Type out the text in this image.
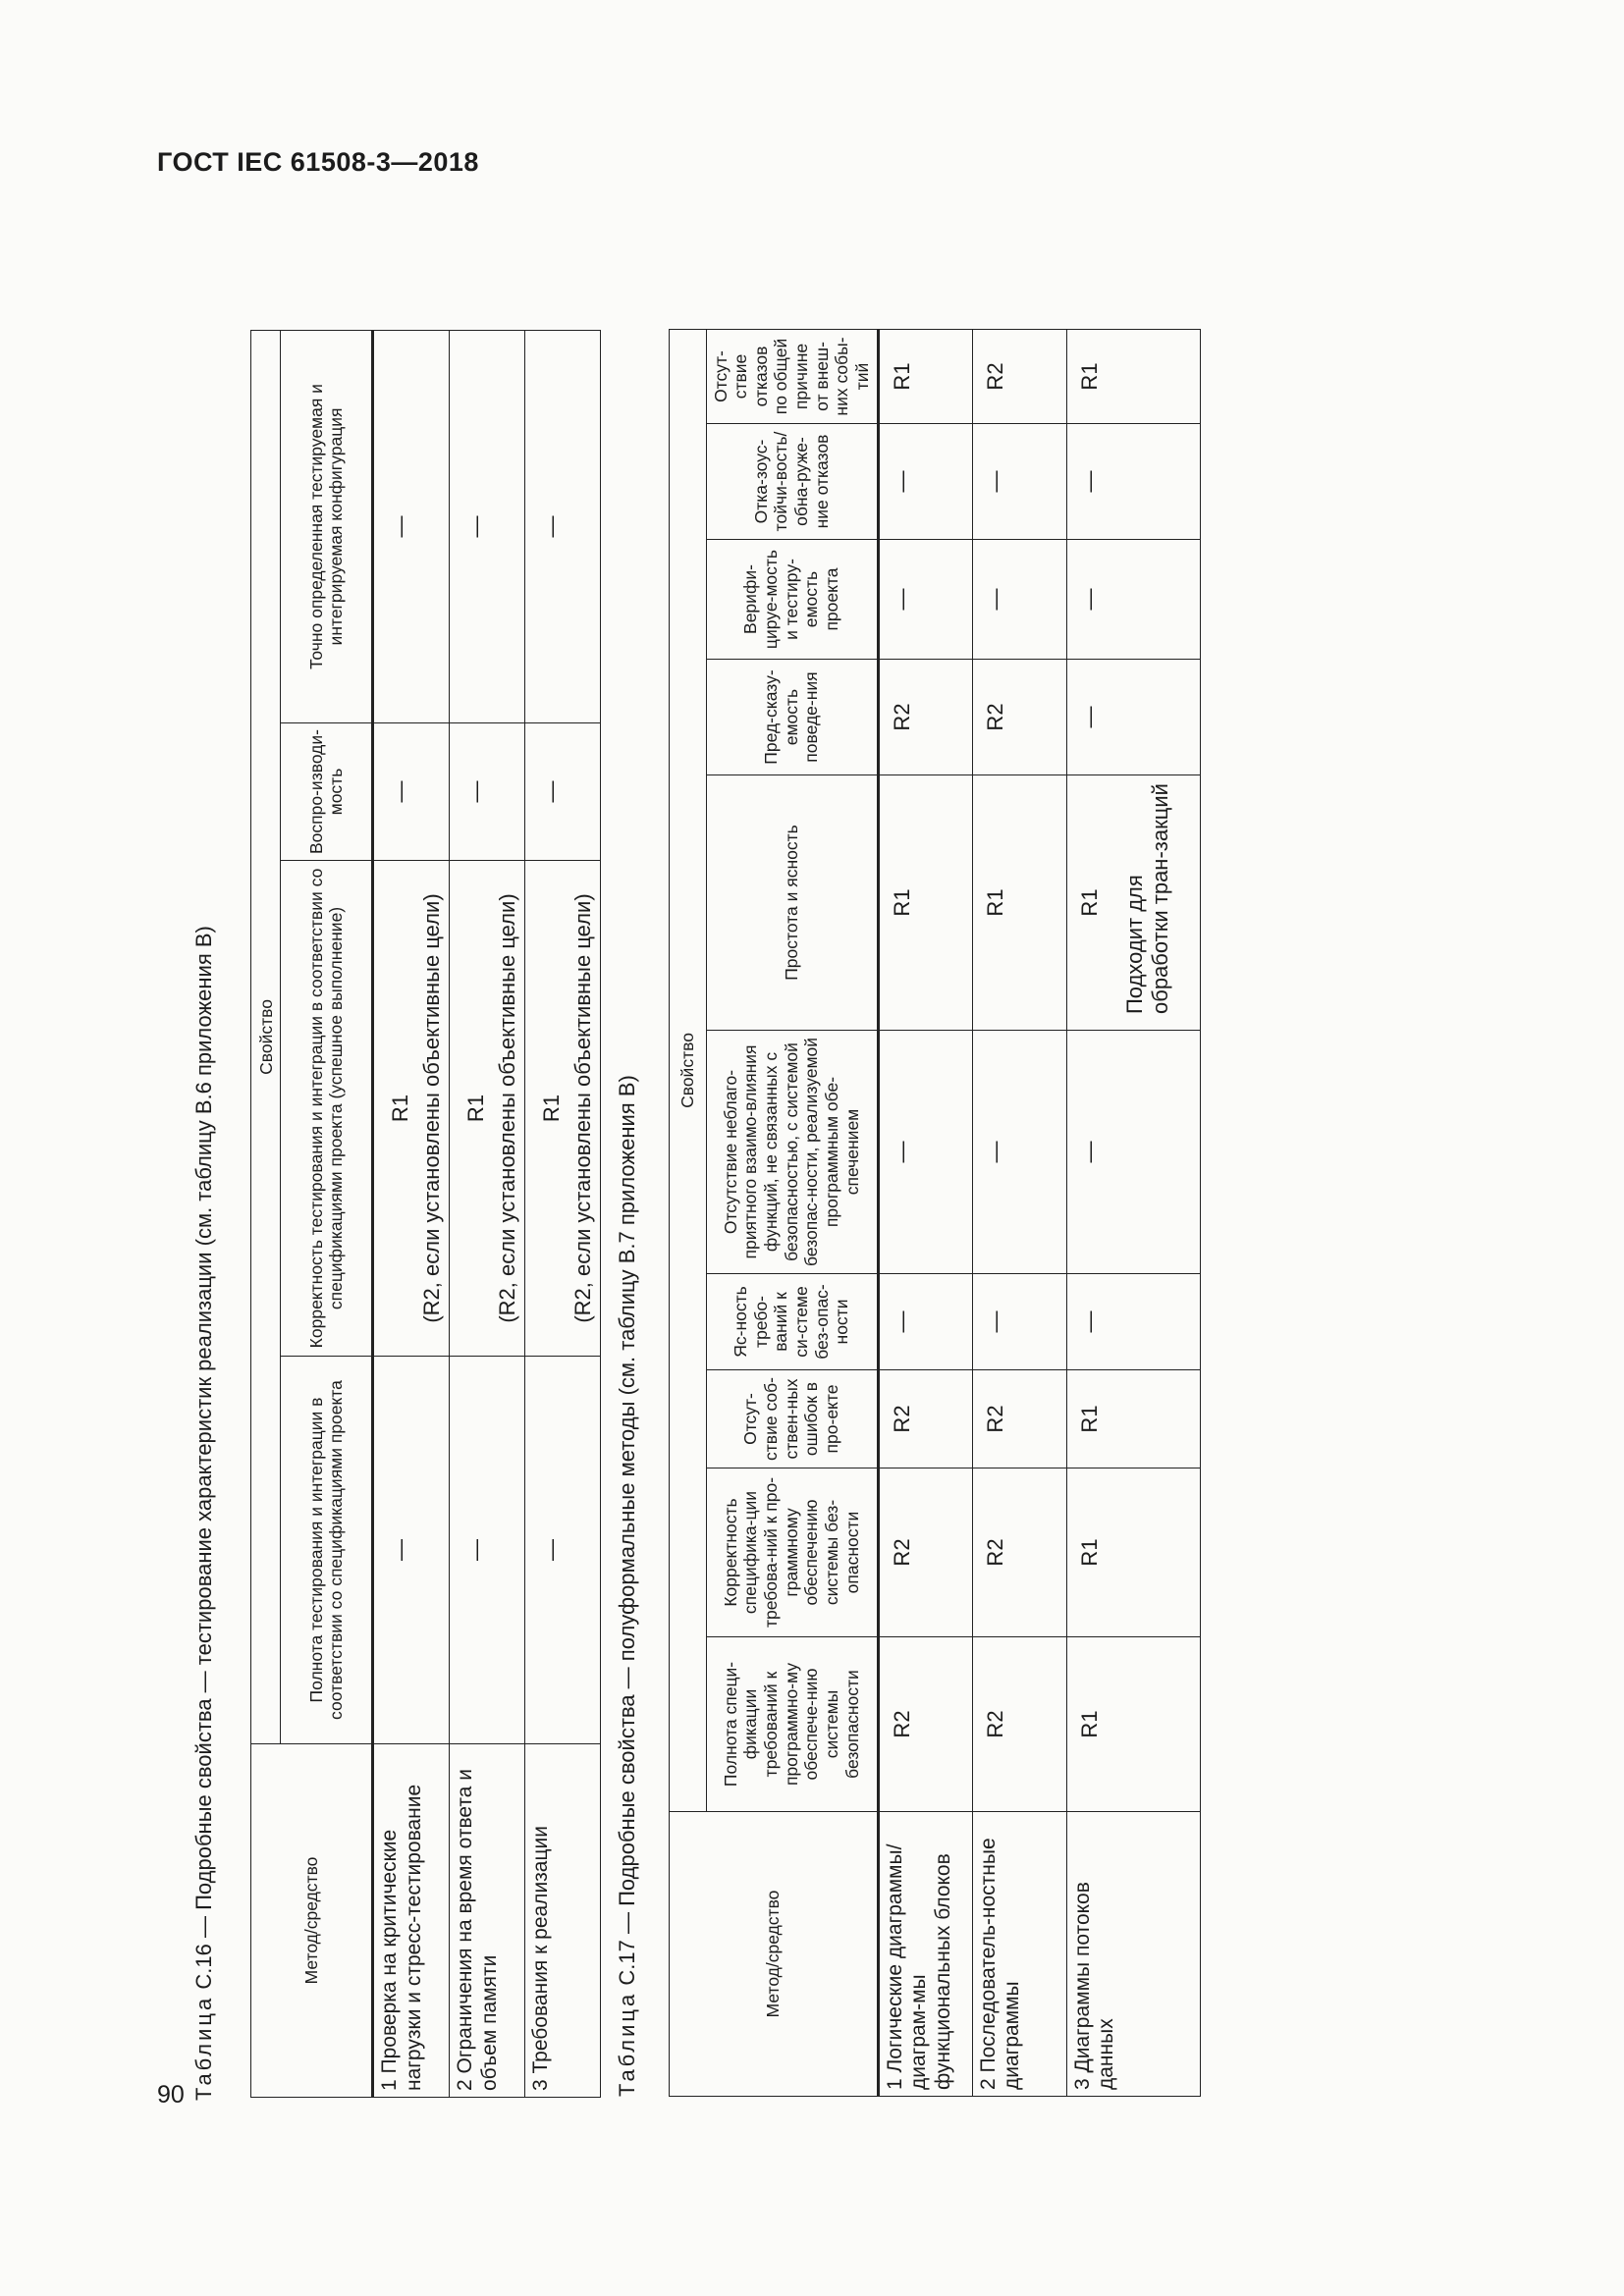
ГОСТ IEC 61508-3—2018
90 Таблица С.16 — Подробные свойства — тестирование характеристик реализации (см. таблицу В.6 приложения В)	Метод/средство	Свойство			
	Полнота тестирования и интеграции в соответствии со спецификациями проекта	Корректность тестирования и интеграции в соответствии со спецификациями проекта (успешное выполнение)	Воспро-изводи-мость	Точно определенная тестируемая и интегрируемая конфигурация
1 Проверка на критические нагрузки и стресс-тестирование	—	R1 (R2, если установлены объективные цели)	—	—
2 Ограничения на время ответа и объем памяти	—	R1 (R2, если установлены объективные цели)	—	—
3 Требования к реализации	—	R1 (R2, если установлены объективные цели)	—	—

Таблица С.17 — Подробные свойства — полуформальные методы (см. таблицу В.7 приложения В)	Метод/средство	Свойство									
	Полнота специ-фикации требований к программно-му обеспече-нию системы безопасности	Корректность специфика-ции требова-ний к про-граммному обеспечению системы без-опасности	Отсут-ствие соб-ствен-ных ошибок в про-екте	Яс-ность требо-ваний к си-стеме без-опас-ности	Отсутствие неблаго-приятного взаимо-влияния функций, не связанных с безопасностью, с системой безопас-ности, реализуемой программным обе-спечением	Простота и ясность	Пред-сказу-емость поведе-ния	Верифи-цируе-мость и тестиру-емость проекта	Отка-зоус-тойчи-вость/ обна-руже-ние отказов	Отсут-ствие отказов по общей причине от внеш-них собы-тий
1 Логические диаграммы/диаграм-мы функциональных блоков	R2	R2	R2	—	—	R1	R2	—	—	R1
2 Последователь-ностные диаграммы	R2	R2	R2	—	—	R1	R2	—	—	R2
3 Диаграммы потоков данных	R1	R1	R1	—	—	R1 Подходит для обработки тран-закций	—	—	—	R1
